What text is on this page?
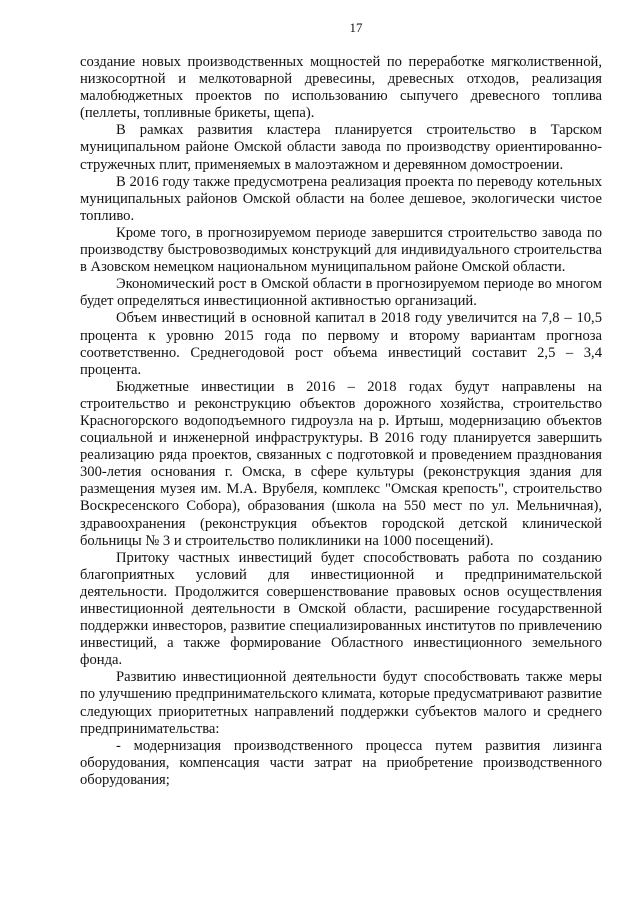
17

создание новых производственных мощностей по переработке мягколиственной, низкосортной и мелкотоварной древесины, древесных отходов, реализация малобюджетных проектов по использованию сыпучего древесного топлива (пеллеты, топливные брикеты, щепа).

В рамках развития кластера планируется строительство в Тарском муниципальном районе Омской области завода по производству ориентированно-стружечных плит, применяемых в малоэтажном и деревянном домостроении.

В 2016 году также предусмотрена реализация проекта по переводу котельных муниципальных районов Омской области на более дешевое, экологически чистое топливо.

Кроме того, в прогнозируемом периоде завершится строительство завода по производству быстровозводимых конструкций для индивидуального строительства в Азовском немецком национальном муниципальном районе Омской области.

Экономический рост в Омской области в прогнозируемом периоде во многом будет определяться инвестиционной активностью организаций.

Объем инвестиций в основной капитал в 2018 году увеличится на 7,8 – 10,5 процента к уровню 2015 года по первому и второму вариантам прогноза соответственно. Среднегодовой рост объема инвестиций составит 2,5 – 3,4 процента.

Бюджетные инвестиции в 2016 – 2018 годах будут направлены на строительство и реконструкцию объектов дорожного хозяйства, строительство Красногорского водоподъемного гидроузла на р. Иртыш, модернизацию объектов социальной и инженерной инфраструктуры. В 2016 году планируется завершить реализацию ряда проектов, связанных с подготовкой и проведением празднования 300-летия основания г. Омска, в сфере культуры (реконструкция здания для размещения музея им. М.А. Врубеля, комплекс "Омская крепость", строительство Воскресенского Собора), образования (школа на 550 мест по ул. Мельничная), здравоохранения (реконструкция объектов городской детской клинической больницы № 3 и строительство поликлиники на 1000 посещений).

Притоку частных инвестиций будет способствовать работа по созданию благоприятных условий для инвестиционной и предпринимательской деятельности. Продолжится совершенствование правовых основ осуществления инвестиционной деятельности в Омской области, расширение государственной поддержки инвесторов, развитие специализированных институтов по привлечению инвестиций, а также формирование Областного инвестиционного земельного фонда.

Развитию инвестиционной деятельности будут способствовать также меры по улучшению предпринимательского климата, которые предусматривают развитие следующих приоритетных направлений поддержки субъектов малого и среднего предпринимательства:

- модернизация производственного процесса путем развития лизинга оборудования, компенсация части затрат на приобретение производственного оборудования;
